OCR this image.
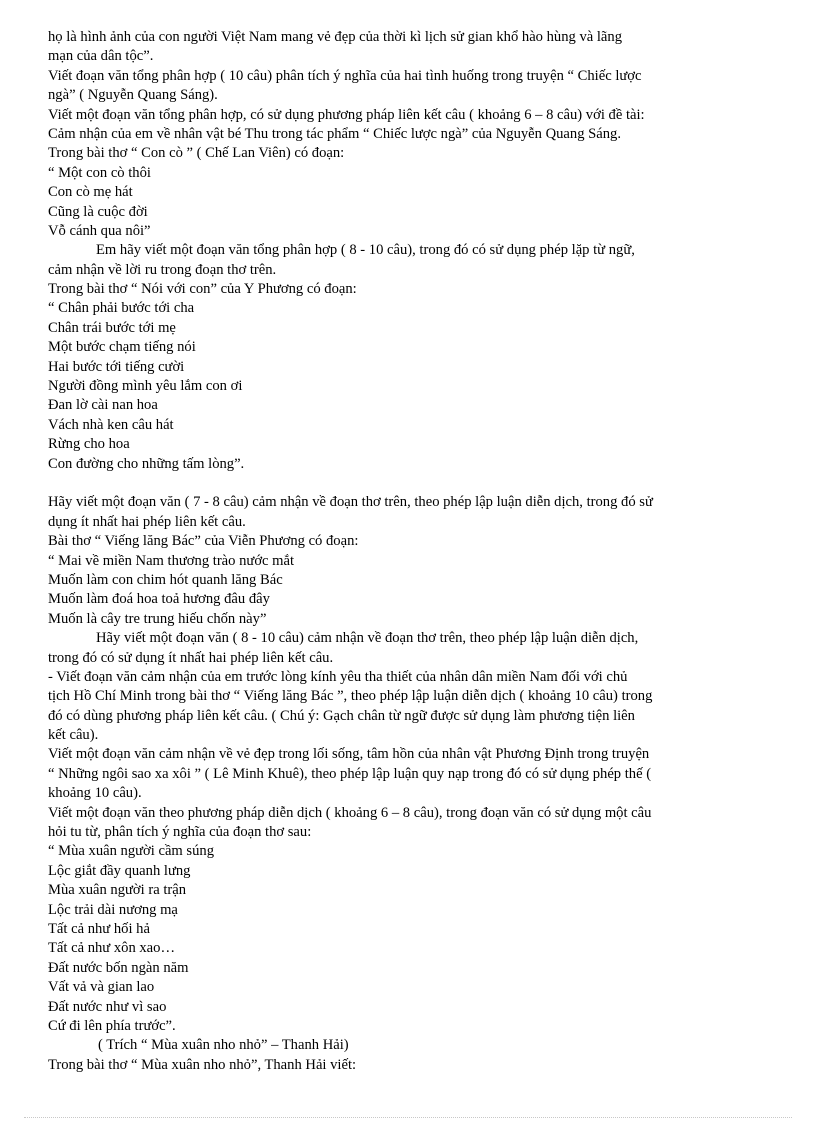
họ là hình ảnh của con người Việt Nam mang vẻ đẹp của thời kì lịch sử gian khổ hào hùng và lãng
mạn của dân tộc”.
Viết đoạn văn tổng phân hợp ( 10 câu) phân tích ý nghĩa của hai tình huống trong truyện “ Chiếc lược
ngà” ( Nguyễn Quang Sáng).
Viết một đoạn văn tổng phân hợp, có sử dụng phương pháp liên kết câu ( khoảng 6 – 8 câu) với đề tài:
Cảm nhận của em về nhân vật bé Thu trong tác phẩm “ Chiếc lược ngà” của Nguyễn Quang Sáng.
Trong bài thơ “ Con cò ” ( Chế Lan Viên) có đoạn:
“ Một con cò thôi
Con cò mẹ hát
Cũng là cuộc đời
Vỗ cánh qua nôi”
Em hãy viết một đoạn văn tổng phân hợp ( 8 - 10 câu), trong đó có sử dụng phép lặp từ ngữ,
cảm nhận về lời ru trong đoạn thơ trên.
Trong bài thơ “ Nói với con” của Y Phương có đoạn:
“ Chân phải bước tới cha
Chân trái bước tới mẹ
Một bước chạm tiếng nói
Hai bước tới tiếng cười
Người đồng mình yêu lắm con ơi
Đan lờ cài nan hoa
Vách nhà ken câu hát
Rừng cho hoa
Con đường cho những tấm lòng”.
Hãy viết một đoạn văn ( 7 - 8 câu) cảm nhận về đoạn thơ trên, theo phép lập luận diễn dịch, trong đó sử
dụng ít nhất hai phép liên kết câu.
Bài thơ “ Viếng lăng Bác” của Viễn Phương có đoạn:
“ Mai về miền Nam thương trào nước mắt
Muốn làm con chim hót quanh lăng Bác
Muốn làm đoá hoa toả hương đâu đây
Muốn là cây tre trung hiếu chốn này”
Hãy viết một đoạn văn ( 8 - 10 câu) cảm nhận về đoạn thơ trên, theo phép lập luận diễn dịch,
trong đó có sử dụng ít nhất hai phép liên kết câu.
- Viết đoạn văn cảm nhận của em trước lòng kính yêu tha thiết của nhân dân miền Nam đối với chủ
tịch Hồ Chí Minh trong bài thơ “ Viếng lăng Bác ”, theo phép lập luận diễn dịch ( khoảng 10 câu) trong
đó có dùng phương pháp liên kết câu. ( Chú ý: Gạch chân từ ngữ được sử dụng làm phương tiện liên
kết câu).
Viết một đoạn văn cảm nhận về vẻ đẹp trong lối sống, tâm hồn của nhân vật Phương Định trong truyện
“ Những ngôi sao xa xôi ” ( Lê Minh Khuê), theo phép lập luận quy nạp trong đó có sử dụng phép thế (
khoảng 10 câu).
Viết một đoạn văn theo phương pháp diễn dịch ( khoảng 6 – 8 câu), trong đoạn văn có sử dụng một câu
hỏi tu từ, phân tích ý nghĩa của đoạn thơ sau:
“ Mùa xuân người cầm súng
Lộc giắt đầy quanh lưng
Mùa xuân người ra trận
Lộc trải dài nương mạ
Tất cả như hối hả
Tất cả như xôn xao…
Đất nước bốn ngàn năm
Vất vả và gian lao
Đất nước như vì sao
Cứ đi lên phía trước”.
( Trích “ Mùa xuân nho nhỏ” – Thanh Hải)
Trong bài thơ “ Mùa xuân nho nhỏ”, Thanh Hải viết:
